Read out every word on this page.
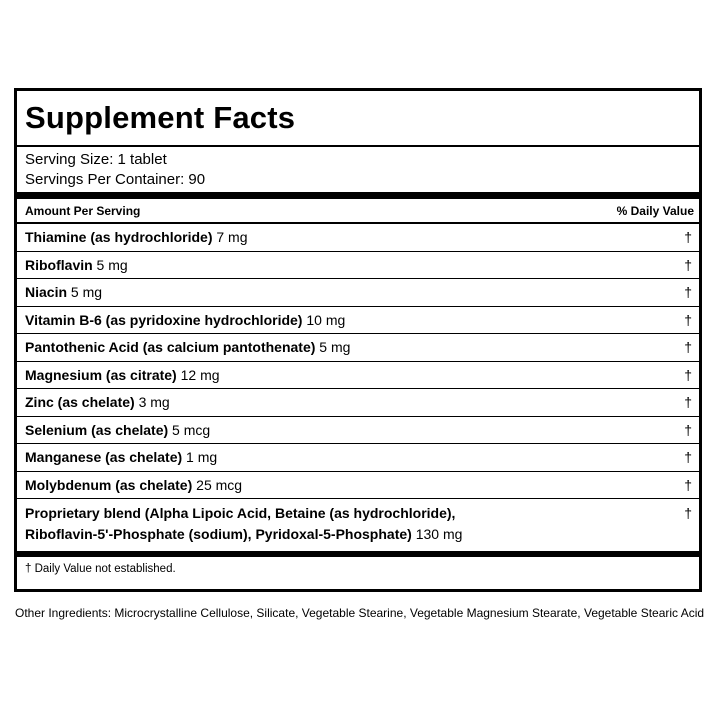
Supplement Facts
Serving Size: 1 tablet
Servings Per Container: 90
Amount Per Serving	% Daily Value
Thiamine (as hydrochloride) 7 mg	†
Riboflavin 5 mg	†
Niacin 5 mg	†
Vitamin B-6 (as pyridoxine hydrochloride) 10 mg	†
Pantothenic Acid (as calcium pantothenate) 5 mg	†
Magnesium (as citrate) 12 mg	†
Zinc (as chelate) 3 mg	†
Selenium (as chelate) 5 mcg	†
Manganese (as chelate) 1 mg	†
Molybdenum (as chelate) 25 mcg	†
Proprietary blend (Alpha Lipoic Acid, Betaine (as hydrochloride),
Riboflavin-5'-Phosphate (sodium), Pyridoxal-5-Phosphate) 130 mg
†
† Daily Value not established.
Other Ingredients: Microcrystalline Cellulose, Silicate, Vegetable Stearine, Vegetable Magnesium Stearate, Vegetable Stearic Acid
